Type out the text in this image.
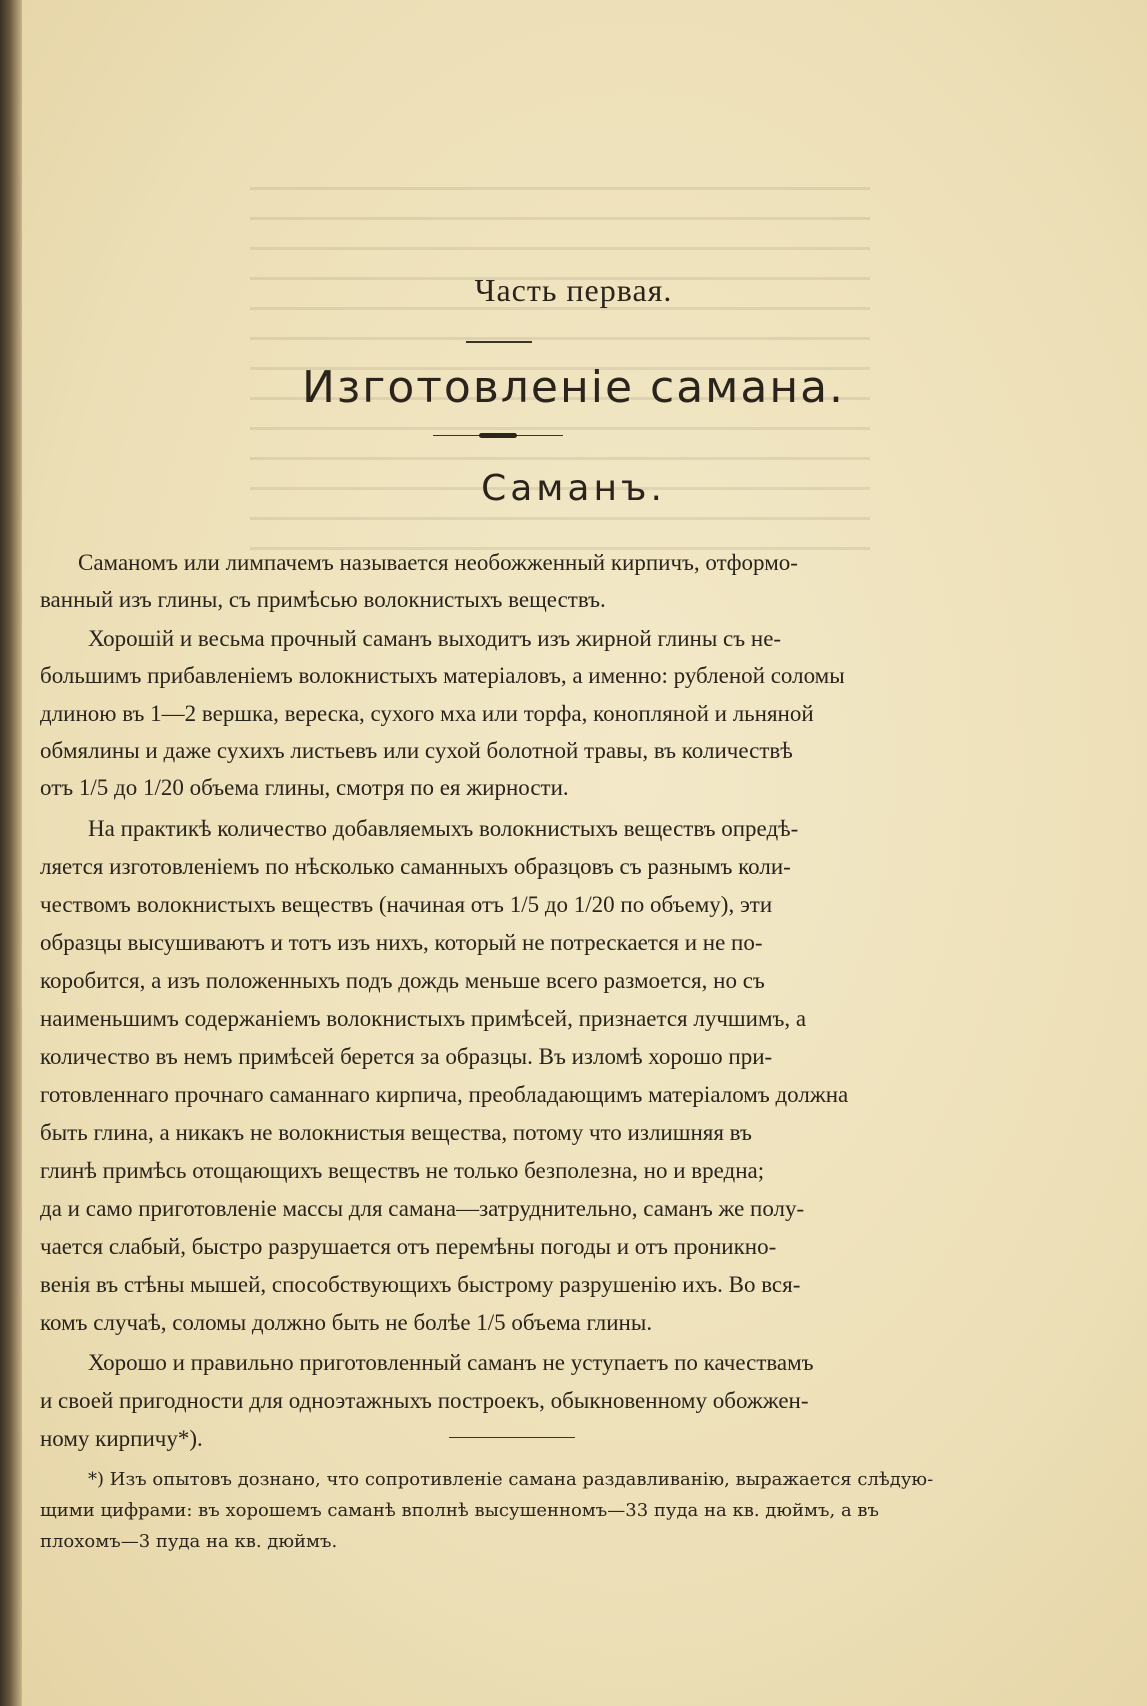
Часть первая.
Изготовленіе самана.
Саманъ.
Саманомъ или лимпачемъ называется необожженный кирпичъ, отформо-
ванный изъ глины, съ примѣсью волокнистыхъ веществъ.
Хорошій и весьма прочный саманъ выходитъ изъ жирной глины съ не-
большимъ прибавленіемъ волокнистыхъ матеріаловъ, а именно: рубленой соломы
длиною въ 1—2 вершка, вереска, сухого мха или торфа, конопляной и льняной
обмялины и даже сухихъ листьевъ или сухой болотной травы, въ количествѣ
отъ 1/5 до 1/20 объема глины, смотря по ея жирности.
На практикѣ количество добавляемыхъ волокнистыхъ веществъ опредѣ-
ляется изготовленіемъ по нѣсколько саманныхъ образцовъ съ разнымъ коли-
чествомъ волокнистыхъ веществъ (начиная отъ 1/5 до 1/20 по объему), эти
образцы высушиваютъ и тотъ изъ нихъ, который не потрескается и не по-
коробится, а изъ положенныхъ подъ дождь меньше всего размоется, но съ
наименьшимъ содержаніемъ волокнистыхъ примѣсей, признается лучшимъ, а
количество въ немъ примѣсей берется за образцы. Въ изломѣ хорошо при-
готовленнаго прочнаго саманнаго кирпича, преобладающимъ матеріаломъ должна
быть глина, а никакъ не волокнистыя вещества, потому что излишняя въ
глинѣ примѣсь отощающихъ веществъ не только безполезна, но и вредна;
да и само приготовленіе массы для самана—затруднительно, саманъ же полу-
чается слабый, быстро разрушается отъ перемѣны погоды и отъ проникно-
венія въ стѣны мышей, способствующихъ быстрому разрушенію ихъ. Во вся-
комъ случаѣ, соломы должно быть не болѣе 1/5 объема глины.
Хорошо и правильно приготовленный саманъ не уступаетъ по качествамъ
и своей пригодности для одноэтажныхъ построекъ, обыкновенному обожжен-
ному кирпичу*).
*) Изъ опытовъ дознано, что сопротивленіе самана раздавливанію, выражается слѣдую-
щими цифрами: въ хорошемъ саманѣ вполнѣ высушенномъ—33 пуда на кв. дюймъ, а въ
плохомъ—3 пуда на кв. дюймъ.
